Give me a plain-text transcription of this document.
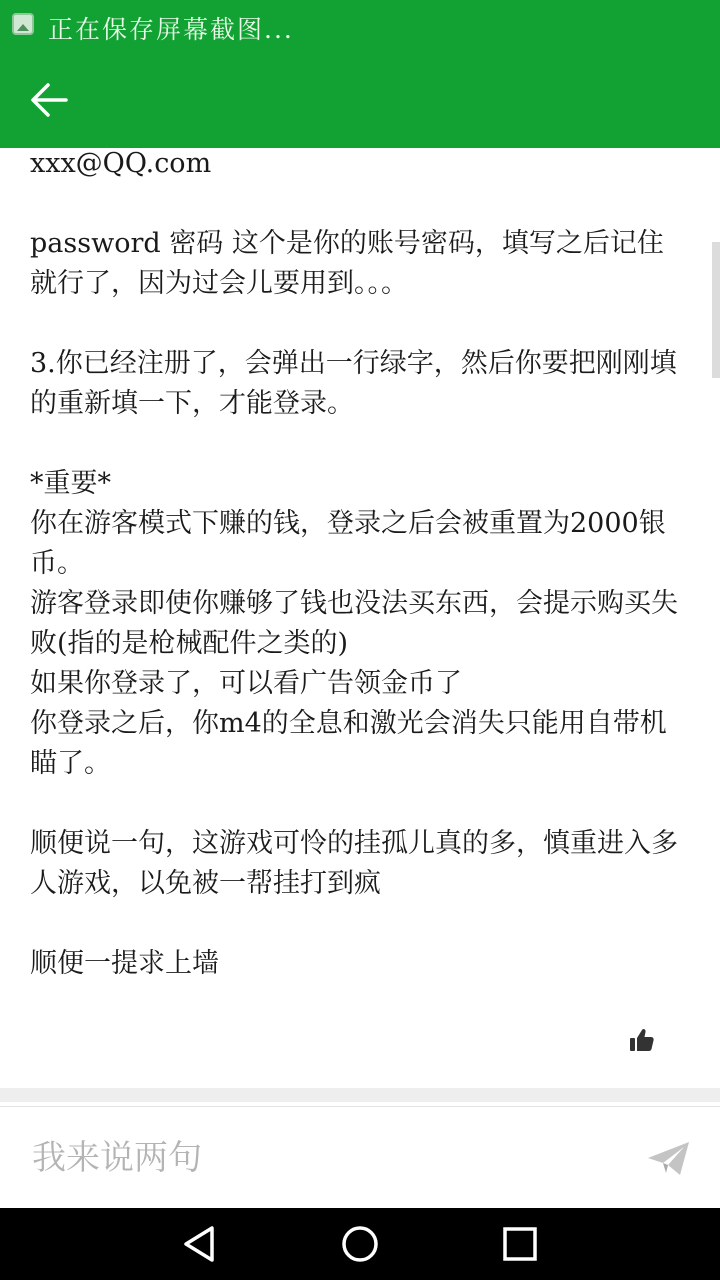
正在保存屏幕截图...

xxx@QQ.com

password 密码 这个是你的账号密码，填写之后记住就行了，因为过会儿要用到。。。

3.你已经注册了，会弹出一行绿字，然后你要把刚刚填的重新填一下，才能登录。

*重要*

你在游客模式下赚的钱，登录之后会被重置为2000银币。

游客登录即使你赚够了钱也没法买东西，会提示购买失败(指的是枪械配件之类的)

如果你登录了，可以看广告领金币了

你登录之后，你m4的全息和激光会消失只能用自带机瞄了。

顺便说一句，这游戏可怜的挂孤儿真的多，慎重进入多人游戏，以免被一帮挂打到疯

顺便一提求上墙

我来说两句
